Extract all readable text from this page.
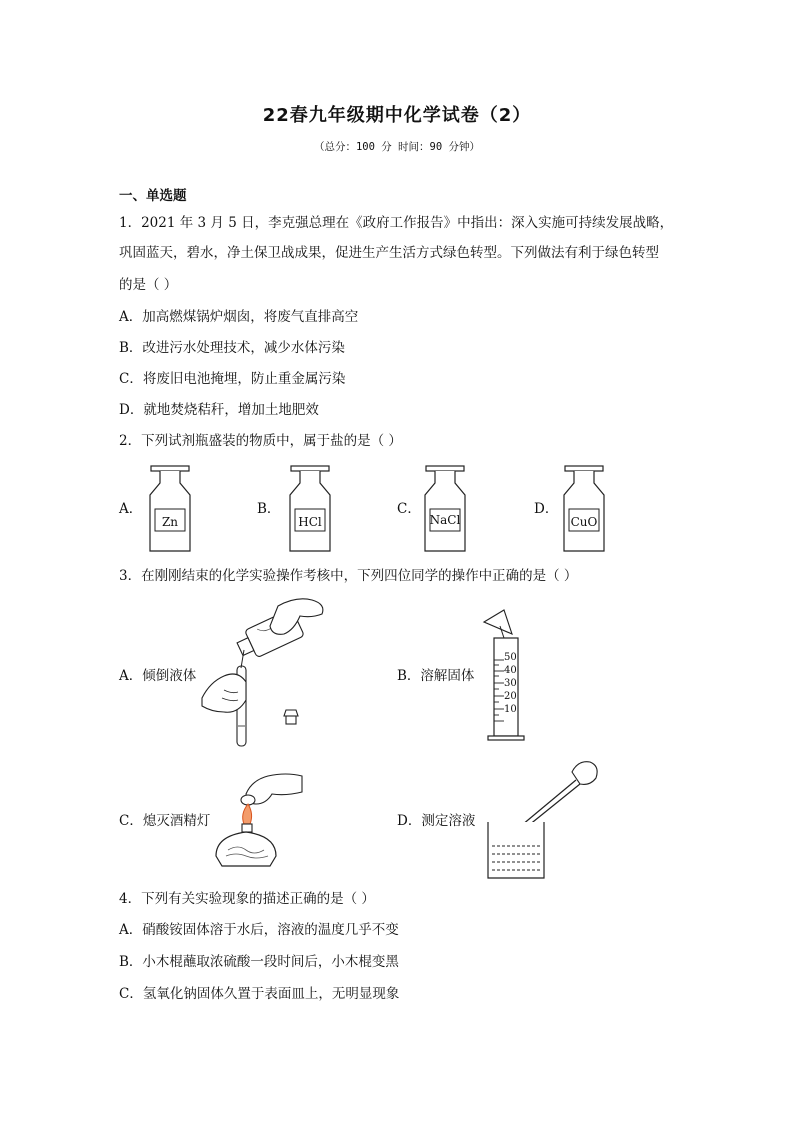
22春九年级期中化学试卷（2）
（总分：100 分 时间：90 分钟）
一、单选题
1．2021 年 3 月 5 日，李克强总理在《政府工作报告》中指出：深入实施可持续发展战略，
巩固蓝天，碧水，净土保卫战成果，促进生产生活方式绿色转型。下列做法有利于绿色转型
的是（ ）
A．加高燃煤锅炉烟囱，将废气直排高空
B．改进污水处理技术，减少水体污染
C．将废旧电池掩埋，防止重金属污染
D．就地焚烧秸秆，增加土地肥效
2．下列试剂瓶盛装的物质中，属于盐的是（ ）
A．
Zn
B．
HCl
C．
NaCl
D．
CuO
3．在刚刚结束的化学实验操作考核中，下列四位同学的操作中正确的是（ ）
A．倾倒液体	B．溶解固体
50
40
30
20
10
C．熄灭酒精灯	D．测定溶液
4．下列有关实验现象的描述正确的是（ ）
A．硝酸铵固体溶于水后，溶液的温度几乎不变
B．小木棍蘸取浓硫酸一段时间后，小木棍变黑
C．氢氧化钠固体久置于表面皿上，无明显现象
